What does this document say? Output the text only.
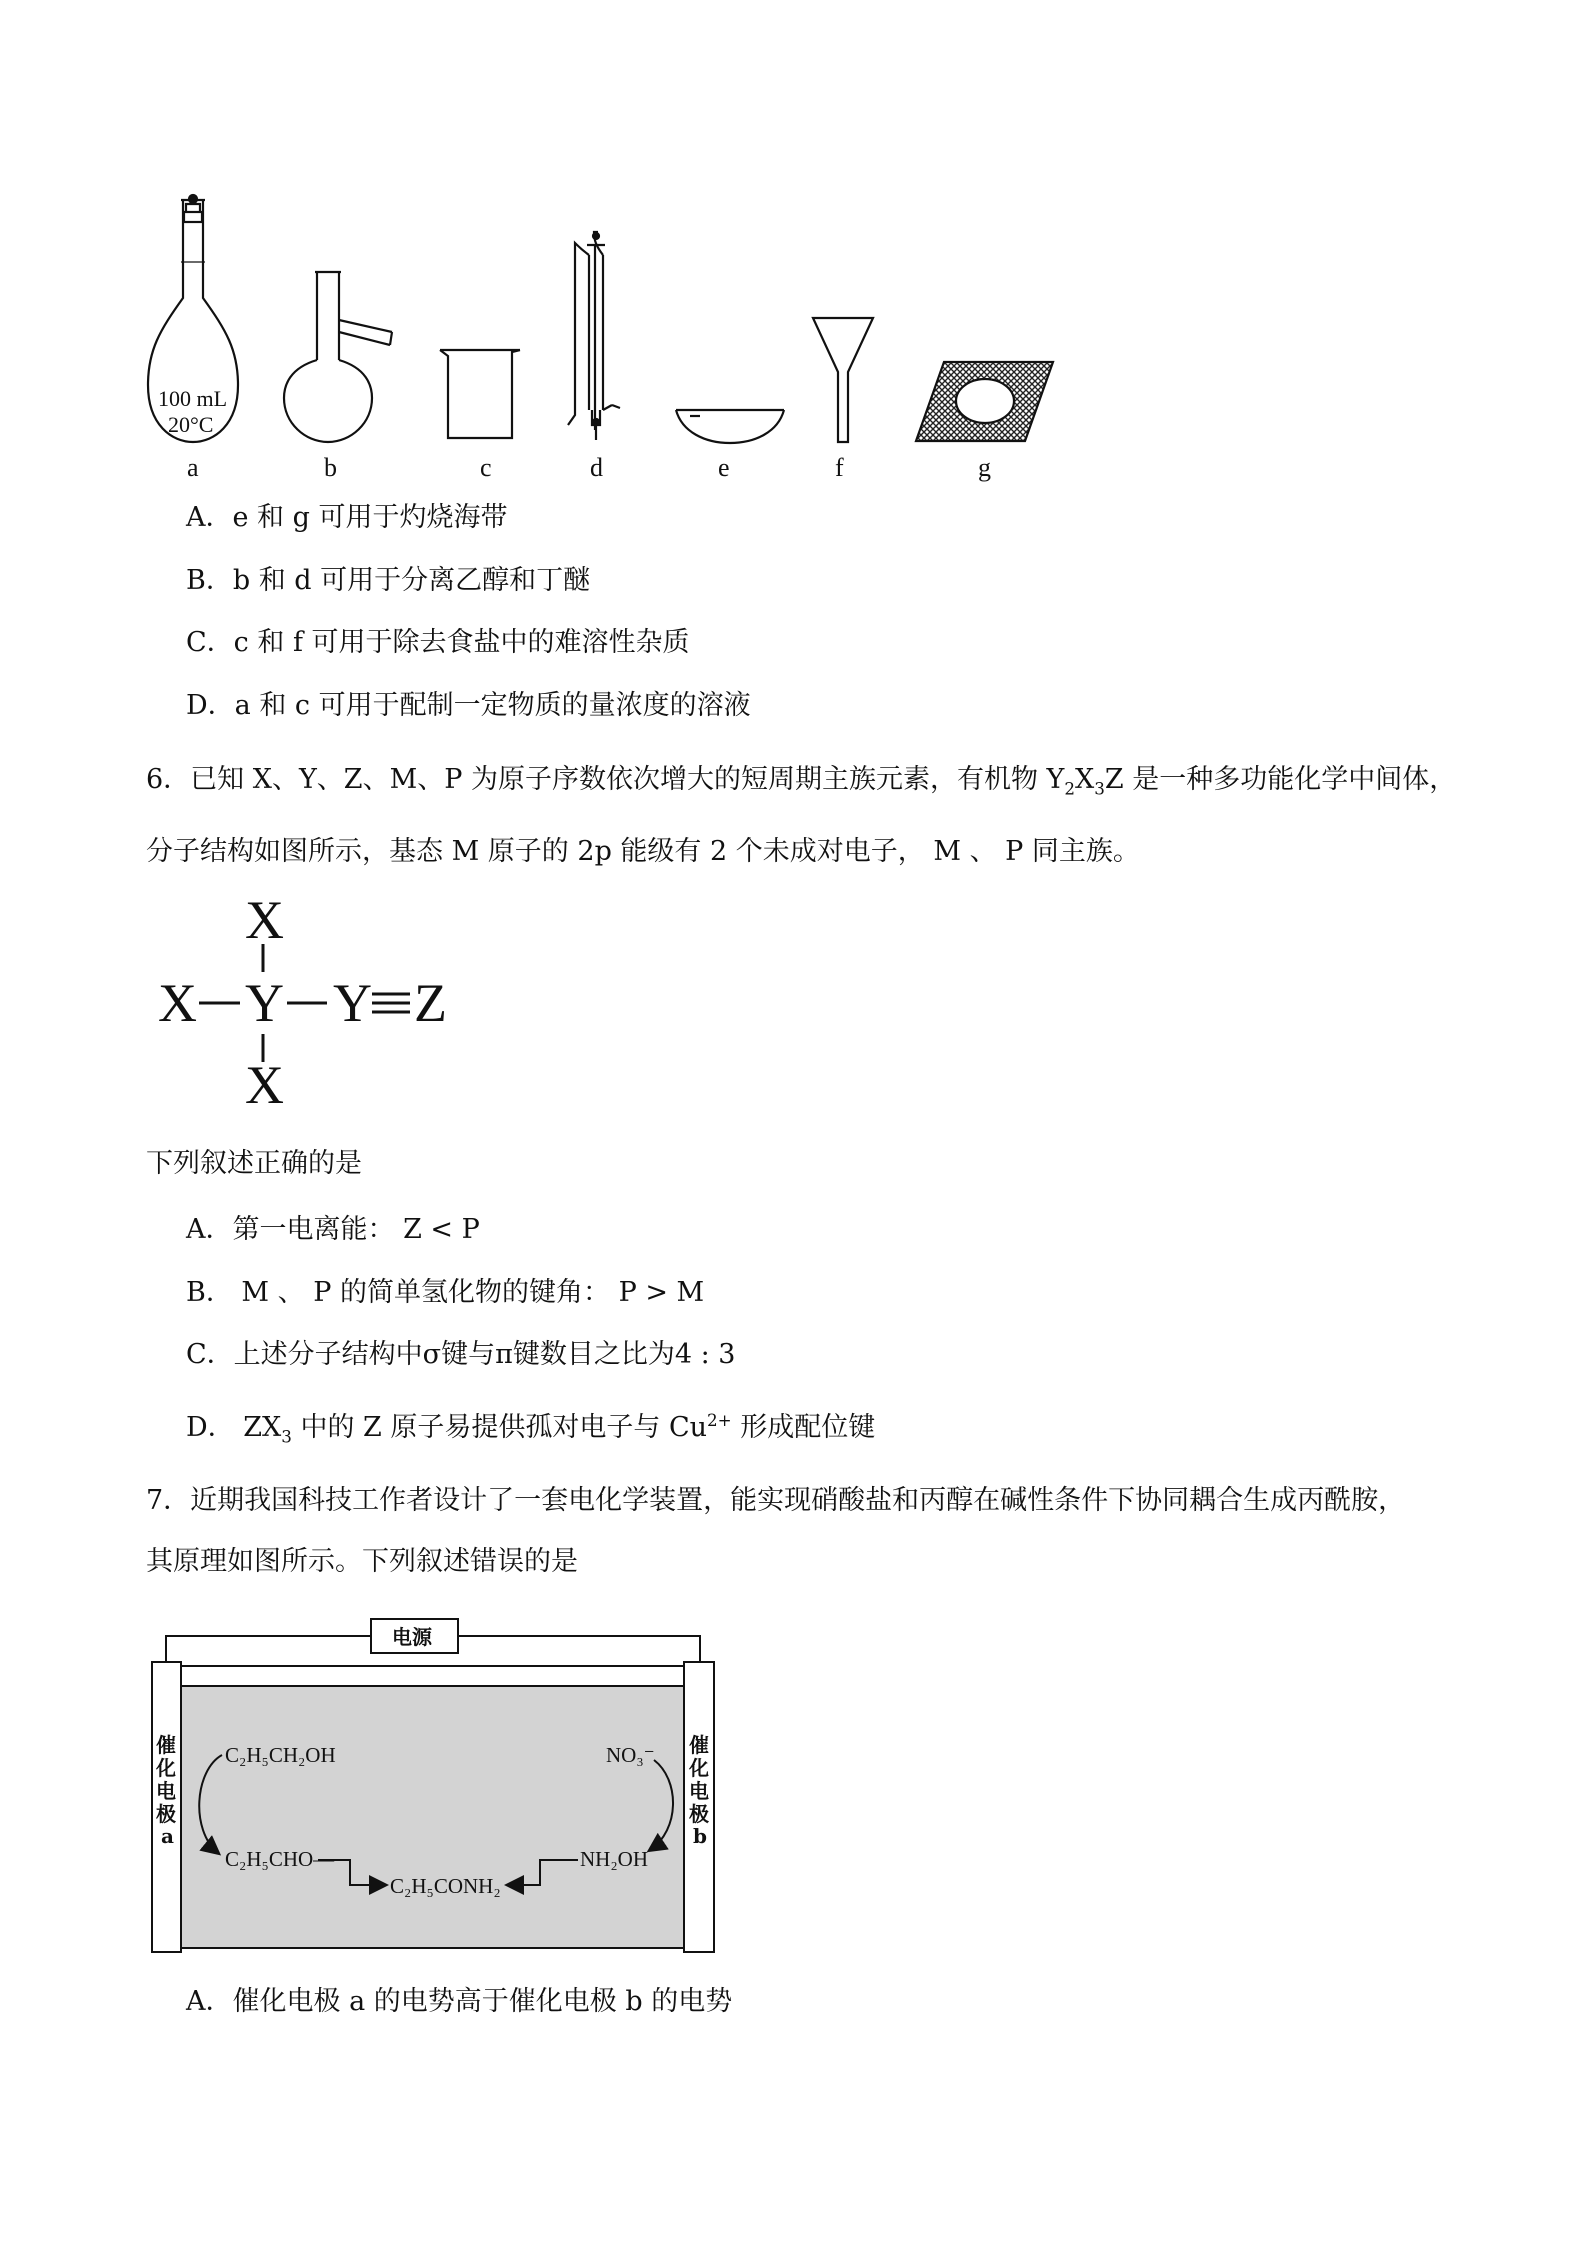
100 mL
20°C
a	b	c	d	e	f	g
A．e 和 g 可用于灼烧海带
B．b 和 d 可用于分离乙醇和丁醚
C．c 和 f 可用于除去食盐中的难溶性杂质
D．a 和 c 可用于配制一定物质的量浓度的溶液
6．已知 X、Y、Z、M、P 为原子序数依次增大的短周期主族元素，有机物 $Y_2X_3Z$ 是一种多功能化学中间体，
分子结构如图所示，基态 M 原子的 2p 能级有 2 个未成对电子， M 、 P 同主族。
X
X Y Y Z
X
下列叙述正确的是
A．第一电离能： Z < P
B． M 、 P 的简单氢化物的键角： P > M
C．上述分子结构中σ键与π键数目之比为4 : 3
D． $ZX_3$ 中的 Z 原子易提供孤对电子与 $Cu^{2+}$ 形成配位键
7．近期我国科技工作者设计了一套电化学装置，能实现硝酸盐和丙醇在碱性条件下协同耦合生成丙酰胺，
其原理如图所示。下列叙述错误的是
电源
催
化
电
极
a
催
化
电
极
b
C₂H₅CH₂OH
C₂H₅CHO—
C₂H₅CONH₂
NO₃⁻
NH₂OH
A．催化电极 a 的电势高于催化电极 b 的电势
